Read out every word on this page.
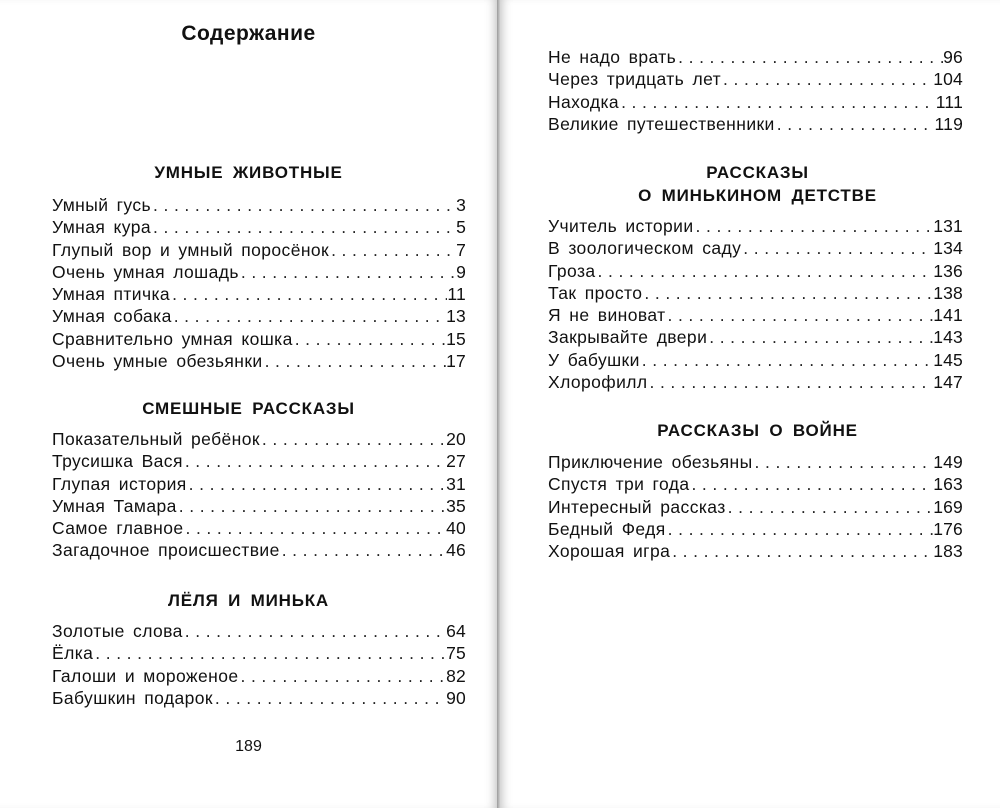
Содержание
УМНЫЕ ЖИВОТНЫЕ
Умный гусь .....	3
Умная кура .....	5
Глупый вор и умный поросёнок .....	7
Очень умная лошадь .....	9
Умная птичка .....	11
Умная собака .....	13
Сравнительно умная кошка .....	15
Очень умные обезьянки .....	17
СМЕШНЫЕ РАССКАЗЫ
Показательный ребёнок .....	20
Трусишка Вася .....	27
Глупая история .....	31
Умная Тамара .....	35
Самое главное .....	40
Загадочное происшествие .....	46
ЛЁЛЯ И МИНЬКА
Золотые слова .....	64
Ёлка .....	75
Галоши и мороженое .....	82
Бабушкин подарок .....	90
189
Не надо врать .....	96
Через тридцать лет .....	104
Находка .....	111
Великие путешественники .....	119
РАССКАЗЫ
О МИНЬКИНОМ ДЕТСТВЕ
Учитель истории .....	131
В зоологическом саду .....	134
Гроза .....	136
Так просто .....	138
Я не виноват .....	141
Закрывайте двери .....	143
У бабушки .....	145
Хлорофилл .....	147
РАССКАЗЫ О ВОЙНЕ
Приключение обезьяны .....	149
Спустя три года .....	163
Интересный рассказ .....	169
Бедный Федя .....	176
Хорошая игра .....	183
